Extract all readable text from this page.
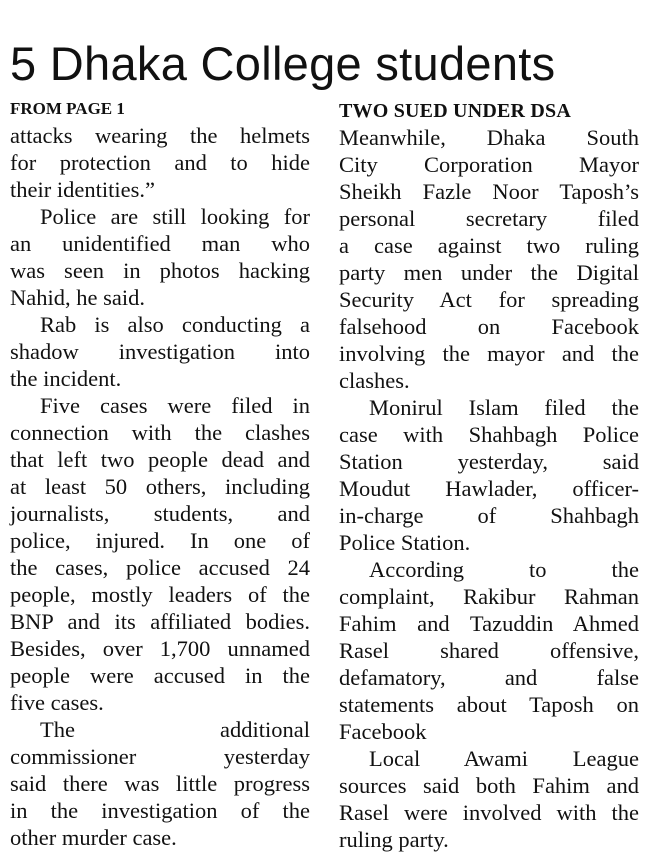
5 Dhaka College students

FROM PAGE 1

attacks wearing the helmets
for protection and to hide
their identities.”
Police are still looking for
an unidentified man who
was seen in photos hacking
Nahid, he said.
Rab is also conducting a
shadow investigation into
the incident.
Five cases were filed in
connection with the clashes
that left two people dead and
at least 50 others, including
journalists, students, and
police, injured. In one of
the cases, police accused 24
people, mostly leaders of the
BNP and its affiliated bodies.
Besides, over 1,700 unnamed
people were accused in the
five cases.
The additional
commissioner yesterday
said there was little progress
in the investigation of the
other murder case.

TWO SUED UNDER DSA

Meanwhile, Dhaka South
City Corporation Mayor
Sheikh Fazle Noor Taposh’s
personal secretary filed
a case against two ruling
party men under the Digital
Security Act for spreading
falsehood on Facebook
involving the mayor and the
clashes.
Monirul Islam filed the
case with Shahbagh Police
Station yesterday, said
Moudut Hawlader, officer-
in-charge of Shahbagh
Police Station.
According to the
complaint, Rakibur Rahman
Fahim and Tazuddin Ahmed
Rasel shared offensive,
defamatory, and false
statements about Taposh on
Facebook
Local Awami League
sources said both Fahim and
Rasel were involved with the
ruling party.
